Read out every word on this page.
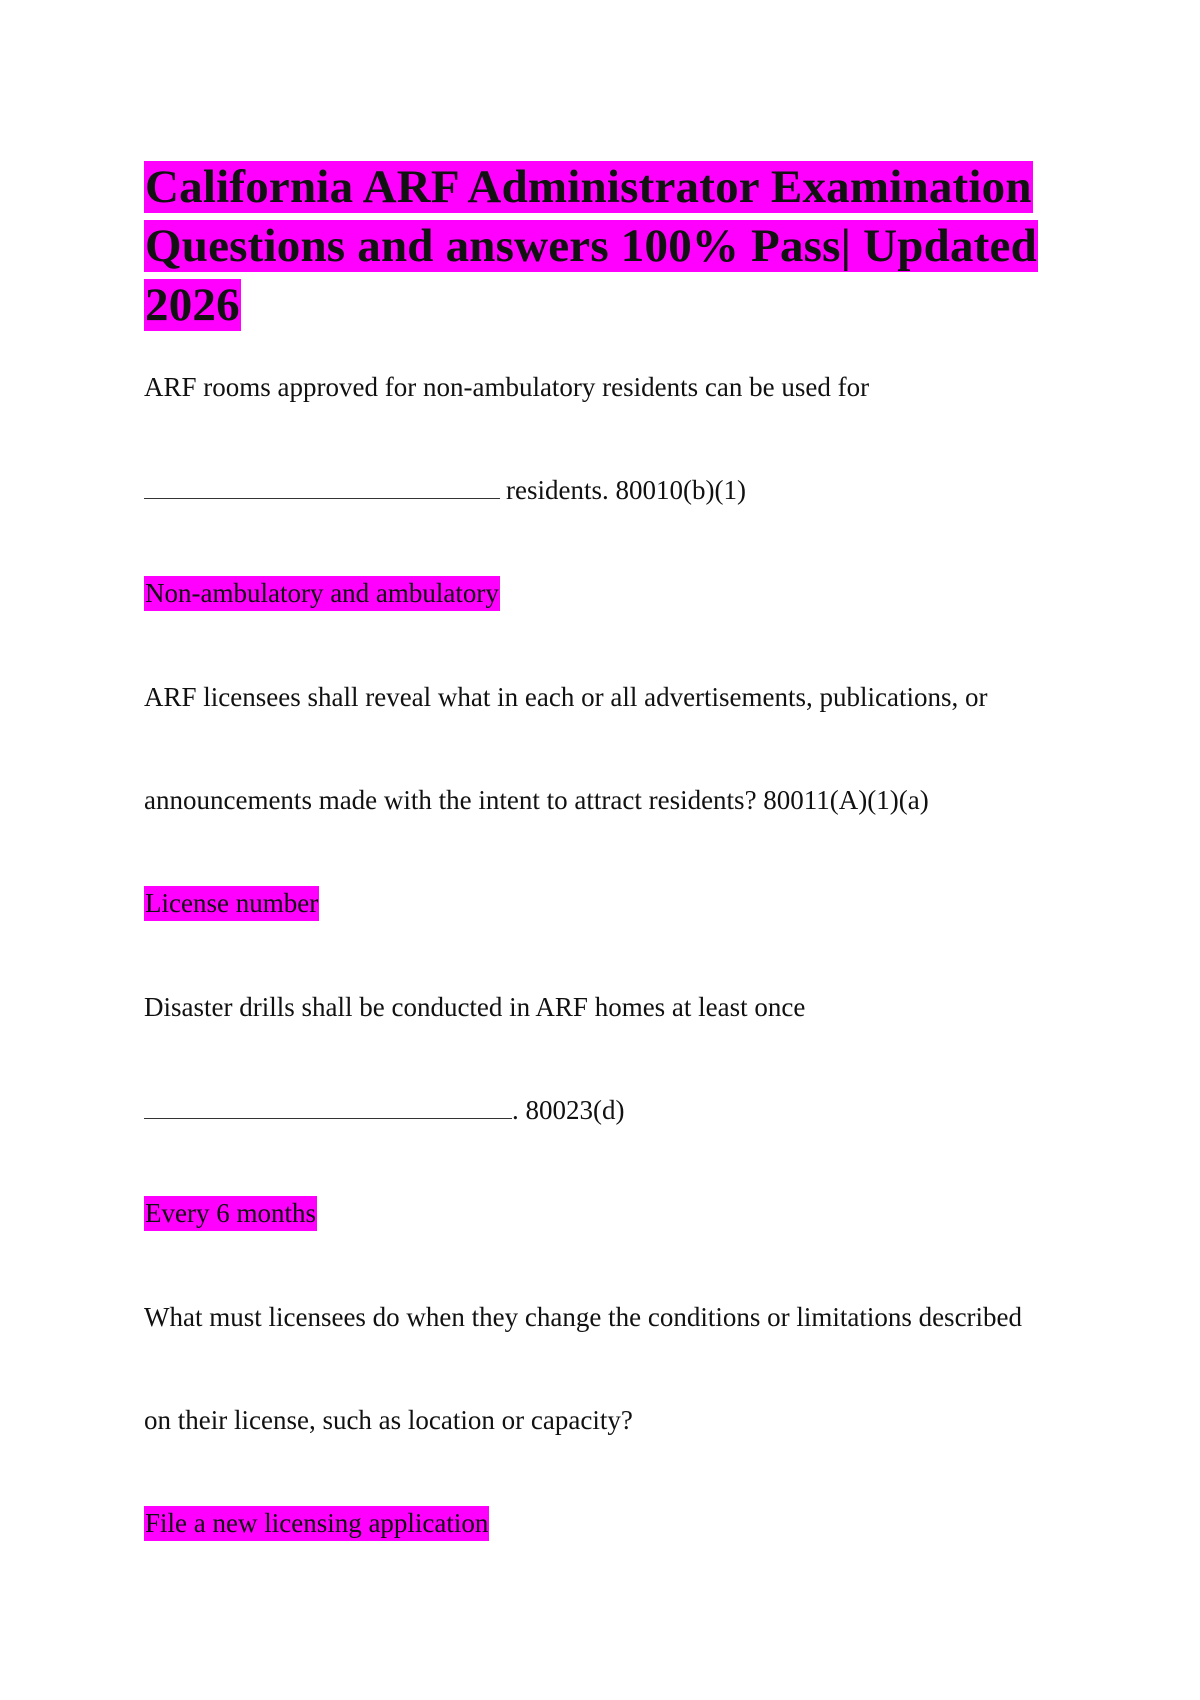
California ARF Administrator Examination Questions and answers 100% Pass| Updated 2026
ARF rooms approved for non-ambulatory residents can be used for
residents. 80010(b)(1)
Non-ambulatory and ambulatory
ARF licensees shall reveal what in each or all advertisements, publications, or
announcements made with the intent to attract residents? 80011(A)(1)(a)
License number
Disaster drills shall be conducted in ARF homes at least once
. 80023(d)
Every 6 months
What must licensees do when they change the conditions or limitations described
on their license, such as location or capacity?
File a new licensing application
